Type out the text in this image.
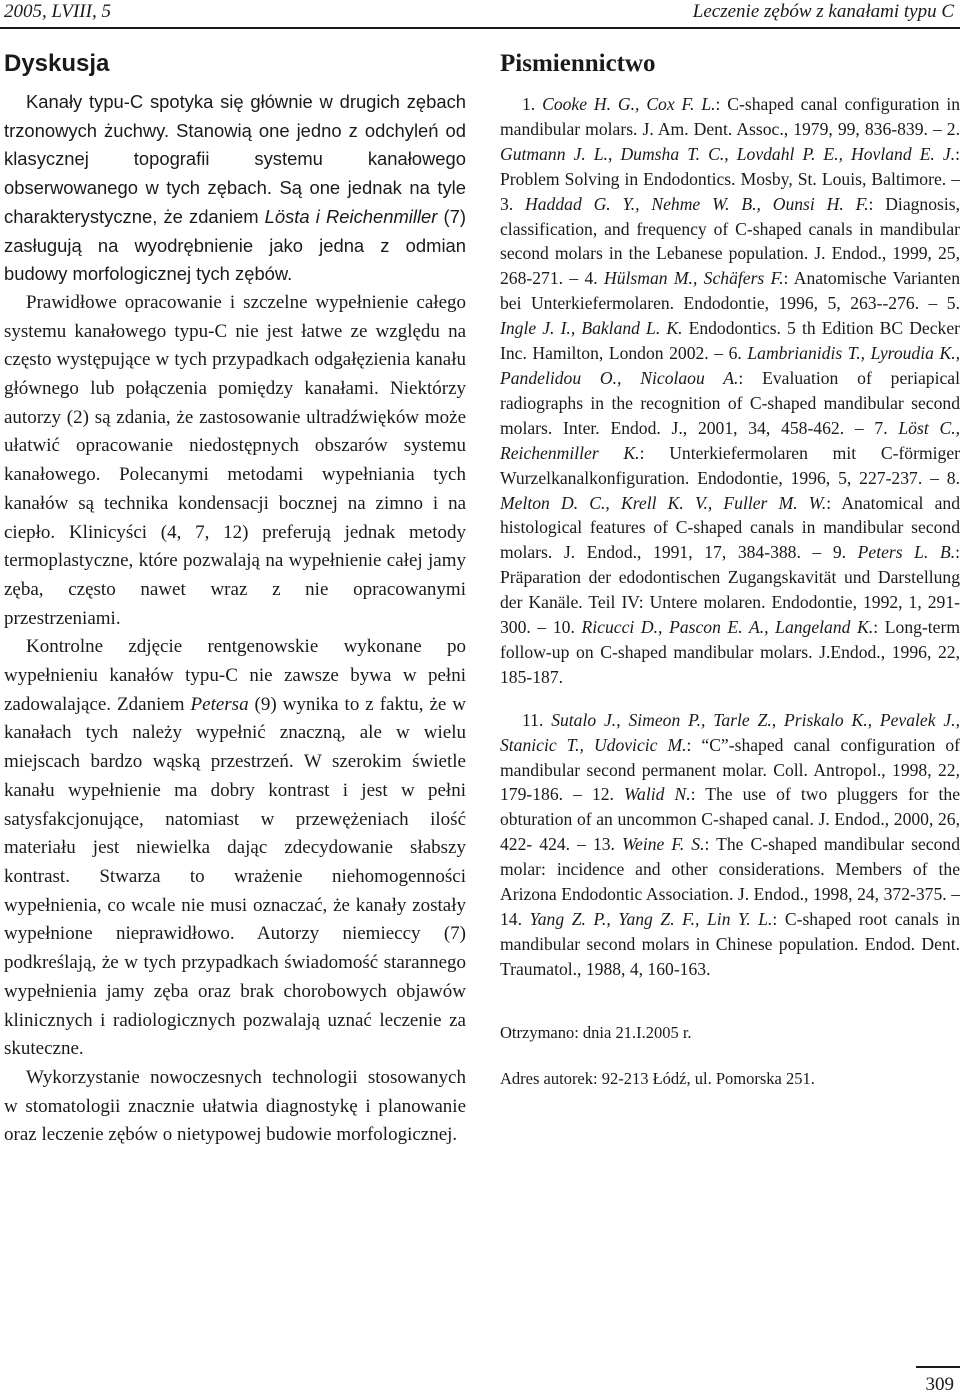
2005, LVIII, 5	Leczenie zębów z kanałami typu C
Dyskusja

Kanały typu-C spotyka się głównie w drugich zębach trzonowych żuchwy. Stanowią one jedno z odchyleń od klasycznej topografii systemu kanałowego obserwowanego w tych zębach. Są one jednak na tyle charakterystyczne, że zdaniem Lösta i Reichenmiller (7) zasługują na wyodrębnienie jako jedna z odmian budowy morfologicznej tych zębów.

Prawidłowe opracowanie i szczelne wypełnienie całego systemu kanałowego typu-C nie jest łatwe ze względu na często występujące w tych przypadkach odgałęzienia kanału głównego lub połączenia pomiędzy kanałami. Niektórzy autorzy (2) są zdania, że zastosowanie ultradźwięków może ułatwić opracowanie niedostępnych obszarów systemu kanałowego. Polecanymi metodami wypełniania tych kanałów są technika kondensacji bocznej na zimno i na ciepło. Klinicyści (4, 7, 12) preferują jednak metody termoplastyczne, które pozwalają na wypełnienie całej jamy zęba, często nawet wraz z nie opracowanymi przestrzeniami.

Kontrolne zdjęcie rentgenowskie wykonane po wypełnieniu kanałów typu-C nie zawsze bywa w pełni zadowalające. Zdaniem Petersa (9) wynika to z faktu, że w kanałach tych należy wypełnić znaczną, ale w wielu miejscach bardzo wąską przestrzeń. W szerokim świetle kanału wypełnienie ma dobry kontrast i jest w pełni satysfakcjonujące, natomiast w przewężeniach ilość materiału jest niewielka dając zdecydowanie słabszy kontrast. Stwarza to wrażenie niehomogenności wypełnienia, co wcale nie musi oznaczać, że kanały zostały wypełnione nieprawidłowo. Autorzy niemieccy (7) podkreślają, że w tych przypadkach świadomość starannego wypełnienia jamy zęba oraz brak chorobowych objawów klinicznych i radiologicznych pozwalają uznać leczenie za skuteczne.

Wykorzystanie nowoczesnych technologii stosowanych w stomatologii znacznie ułatwia diagnostykę i planowanie oraz leczenie zębów o nietypowej budowie morfologicznej.

Pismiennictwo

1. Cooke H. G., Cox F. L.: C-shaped canal configuration in mandibular molars. J. Am. Dent. Assoc., 1979, 99, 836-839. – 2. Gutmann J. L., Dumsha T. C., Lovdahl P. E., Hovland E. J.: Problem Solving in Endodontics. Mosby, St. Louis, Baltimore. – 3. Haddad G. Y., Nehme W. B., Ounsi H. F.: Diagnosis, classification, and frequency of C-shaped canals in mandibular second molars in the Lebanese population. J. Endod., 1999, 25, 268-271. – 4. Hülsman M., Schäfers F.: Anatomische Varianten bei Unterkiefermolaren. Endodontie, 1996, 5, 263--276. – 5. Ingle J. I., Bakland L. K. Endodontics. 5 th Edition BC Decker Inc. Hamilton, London 2002. – 6. Lambrianidis T., Lyroudia K., Pandelidou O., Nicolaou A.: Evaluation of periapical radiographs in the recognition of C-shaped mandibular second molars. Inter. Endod. J., 2001, 34, 458-462. – 7. Löst C., Reichenmiller K.: Unterkiefermolaren mit C-förmiger Wurzelkanalkonfiguration. Endodontie, 1996, 5, 227-237. – 8. Melton D. C., Krell K. V., Fuller M. W.: Anatomical and histological features of C-shaped canals in mandibular second molars. J. Endod., 1991, 17, 384-388. – 9. Peters L. B.: Präparation der edodontischen Zugangskavität und Darstellung der Kanäle. Teil IV: Untere molaren. Endodontie, 1992, 1, 291-300. – 10. Ricucci D., Pascon E. A., Langeland K.: Long-term follow-up on C-shaped mandibular molars. J.Endod., 1996, 22, 185-187.

11. Sutalo J., Simeon P., Tarle Z., Priskalo K., Pevalek J., Stanicic T., Udovicic M.: “C”-shaped canal configuration of mandibular second permanent molar. Coll. Antropol., 1998, 22, 179-186. – 12. Walid N.: The use of two pluggers for the obturation of an uncommon C-shaped canal. J. Endod., 2000, 26, 422- 424. – 13. Weine F. S.: The C-shaped mandibular second molar: incidence and other considerations. Members of the Arizona Endodontic Association. J. Endod., 1998, 24, 372-375. – 14. Yang Z. P., Yang Z. F., Lin Y. L.: C-shaped root canals in mandibular second molars in Chinese population. Endod. Dent. Traumatol., 1988, 4, 160-163.

Otrzymano: dnia 21.I.2005 r.

Adres autorek: 92-213 Łódź, ul. Pomorska 251.

309
